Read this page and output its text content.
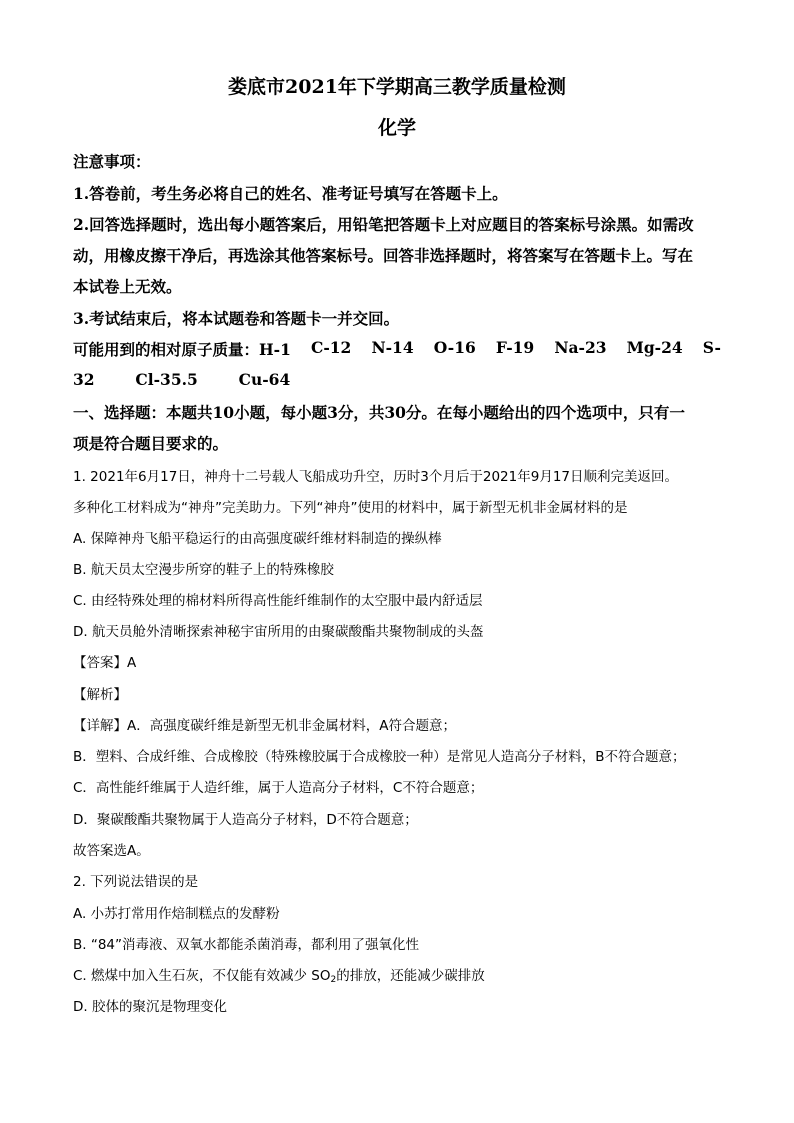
娄底市2021年下学期高三教学质量检测
化学
注意事项：
1.答卷前，考生务必将自己的姓名、准考证号填写在答题卡上。
2.回答选择题时，选出每小题答案后，用铅笔把答题卡上对应题目的答案标号涂黑。如需改
动，用橡皮擦干净后，再选涂其他答案标号。回答非选择题时，将答案写在答题卡上。写在
本试卷上无效。
3.考试结束后，将本试题卷和答题卡一并交回。
可能用到的相对原子质量：H-1 C-12 N-14 O-16 F-19 Na-23 Mg-24 S-
32	Cl-35.5	Cu-64
一、选择题：本题共10小题，每小题3分，共30分。在每小题给出的四个选项中，只有一
项是符合题目要求的。
1. 2021年6月17日，神舟十二号载人飞船成功升空，历时3个月后于2021年9月17日顺利完美返回。
多种化工材料成为“神舟”完美助力。下列“神舟”使用的材料中，属于新型无机非金属材料的是
A. 保障神舟飞船平稳运行的由高强度碳纤维材料制造的操纵棒
B. 航天员太空漫步所穿的鞋子上的特殊橡胶
C. 由经特殊处理的棉材料所得高性能纤维制作的太空服中最内舒适层
D. 航天员舱外清晰探索神秘宇宙所用的由聚碳酸酯共聚物制成的头盔
【答案】A
【解析】
【详解】A．高强度碳纤维是新型无机非金属材料，A符合题意；
B．塑料、合成纤维、合成橡胶（特殊橡胶属于合成橡胶一种）是常见人造高分子材料，B不符合题意；
C．高性能纤维属于人造纤维，属于人造高分子材料，C不符合题意；
D．聚碳酸酯共聚物属于人造高分子材料，D不符合题意；
故答案选A。
2. 下列说法错误的是
A. 小苏打常用作焙制糕点的发酵粉
B. “84”消毒液、双氧水都能杀菌消毒，都利用了强氧化性
C. 燃煤中加入生石灰，不仅能有效减少 $SO_2$的排放，还能减少碳排放
D. 胶体的聚沉是物理变化
